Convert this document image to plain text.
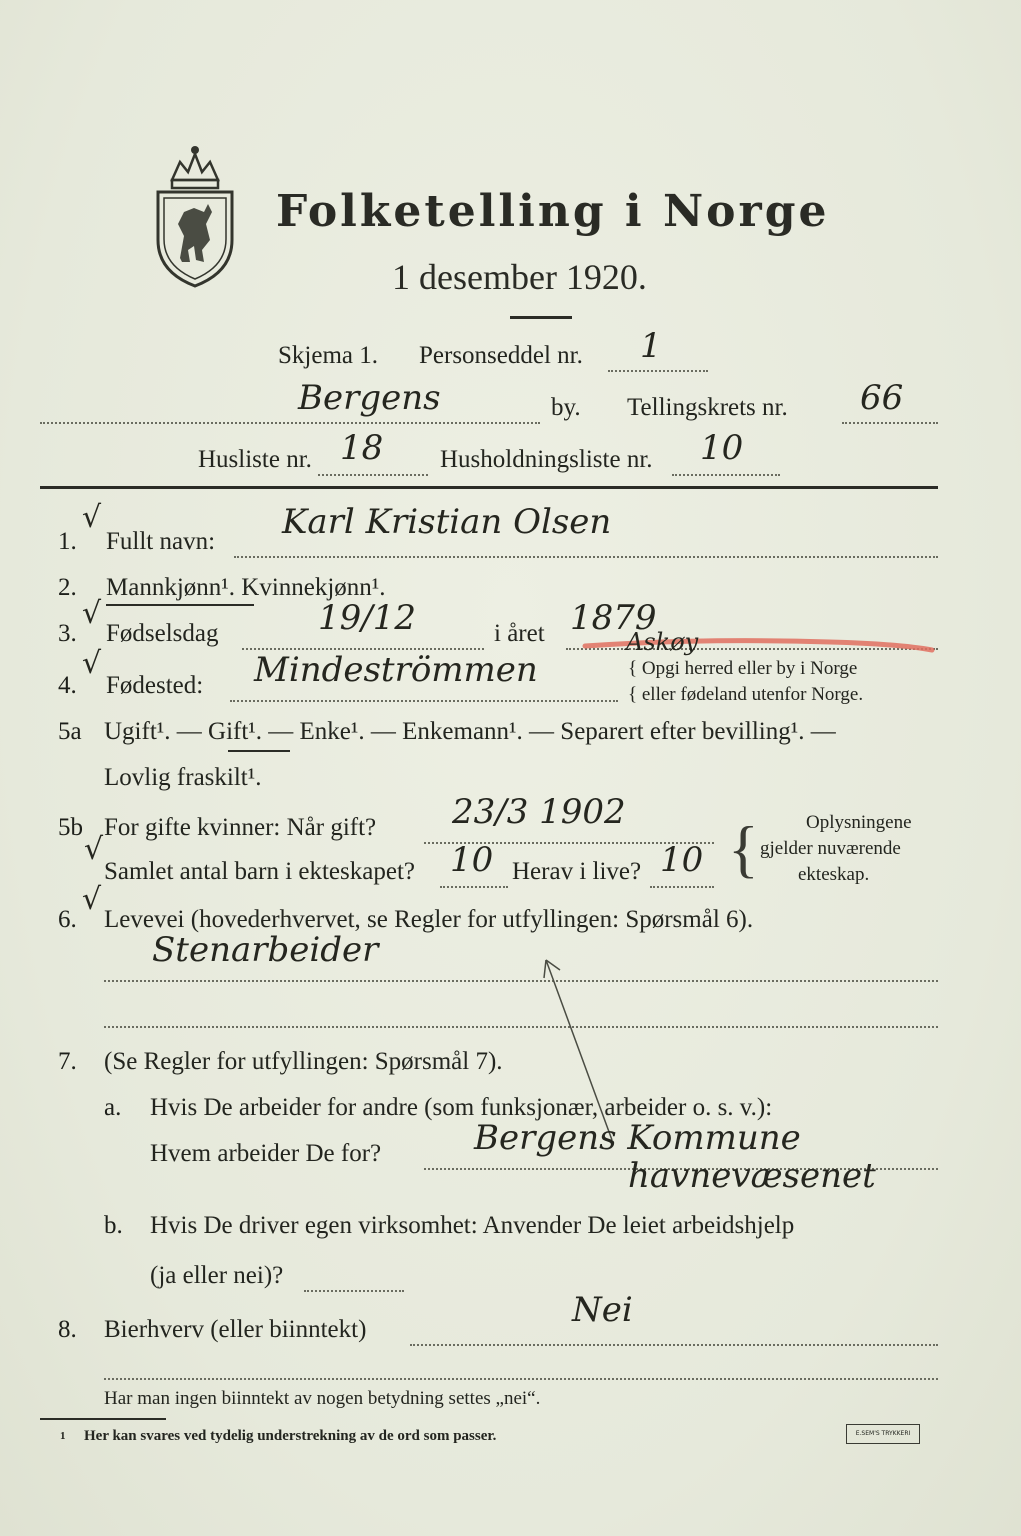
Folketelling i Norge
1 desember 1920.
Skjema 1. Personseddel nr. 1
Bergens	by. Tellingskrets nr. 66
Husliste nr. 18 Husholdningsliste nr. 10
1.
√
Fullt navn: Karl Kristian Olsen
2. Mannkjønn¹. Kvinnekjønn¹.
3.
√
Fødselsdag	19/12	i året 1879
4.
√
Fødested: Mindeströmmen
Askøy
{ Opgi herred eller by i Norge
{ eller fødeland utenfor Norge.
5a Ugift¹. — Gift¹. — Enke¹. — Enkemann¹. — Separert efter bevilling¹. —
Lovlig fraskilt¹.
5b
√
For gifte kvinner: Når gift? 23/3 1902
Samlet antal barn i ekteskapet? 10 Herav i live? 10 { Oplysningene
gjelder nuværende
ekteskap.
6.
√
Levevei (hovederhvervet, se Regler for utfyllingen: Spørsmål 6).
Stenarbeider
7. (Se Regler for utfyllingen: Spørsmål 7).
a. Hvis De arbeider for andre (som funksjonær, arbeider o. s. v.):
Hvem arbeider De for?	Bergens Kommune
havnevæsenet
b. Hvis De driver egen virksomhet: Anvender De leiet arbeidshjelp
(ja eller nei)?
8. Bierhverv (eller biinntekt)	Nei
Har man ingen biinntekt av nogen betydning settes „nei“.
1 Her kan svares ved tydelig understrekning av de ord som passer.	E.SEM'S TRYKKERI
